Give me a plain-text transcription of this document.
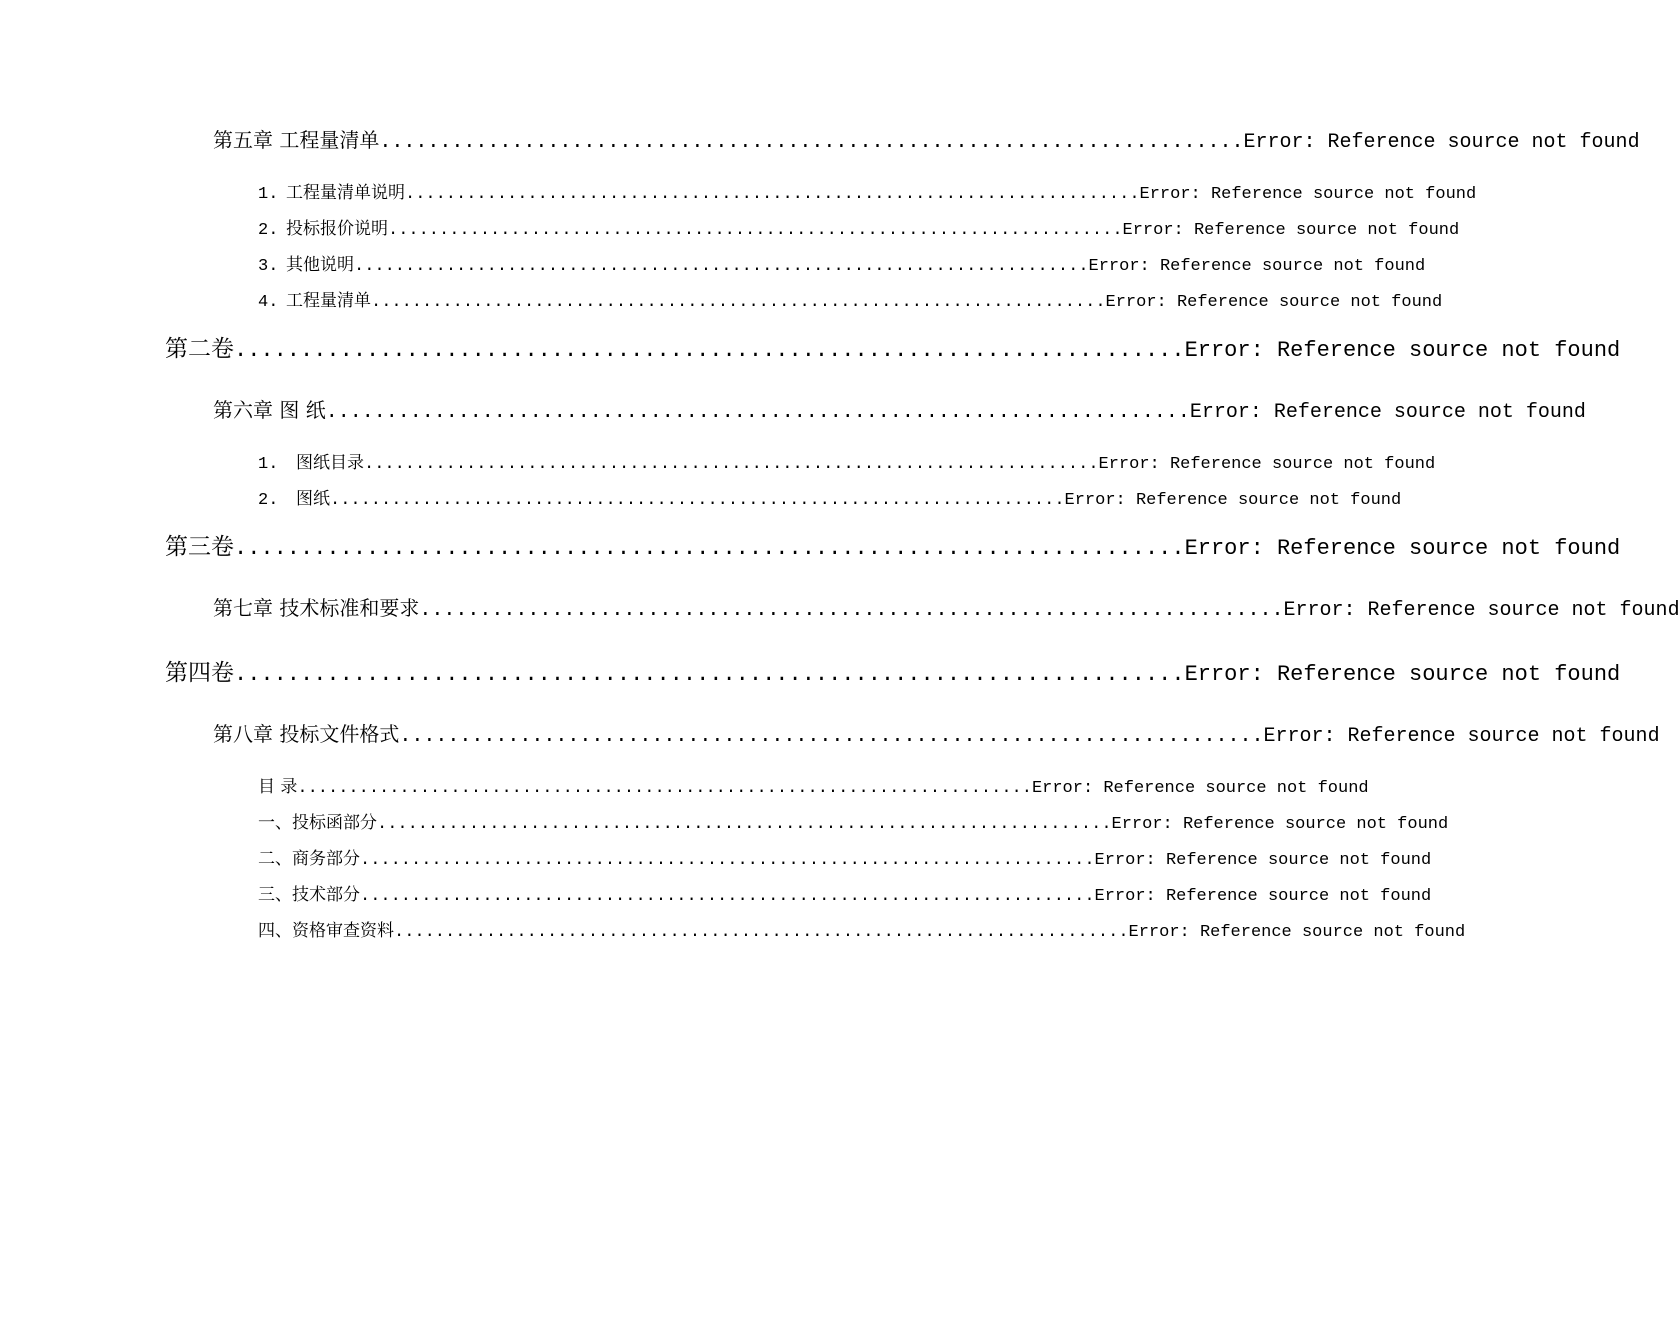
第五章 工程量清单 ........................................................................ Error: Reference source not found
1. 工程量清单说明 ........................................................................ Error: Reference source not found
2. 投标报价说明 ........................................................................ Error: Reference source not found
3. 其他说明 ........................................................................ Error: Reference source not found
4. 工程量清单 ........................................................................ Error: Reference source not found
第二卷 ........................................................................ Error: Reference source not found
第六章 图 纸 ........................................................................ Error: Reference source not found
1.	图纸目录 ........................................................................ Error: Reference source not found
2.	图纸 ........................................................................ Error: Reference source not found
第三卷 ........................................................................ Error: Reference source not found
第七章 技术标准和要求 ........................................................................ Error: Reference source not found
第四卷 ........................................................................ Error: Reference source not found
第八章 投标文件格式 ........................................................................ Error: Reference source not found
目 录 ........................................................................ Error: Reference source not found
一、投标函部分 ........................................................................ Error: Reference source not found
二、商务部分 ........................................................................ Error: Reference source not found
三、技术部分 ........................................................................ Error: Reference source not found
四、资格审查资料 ........................................................................ Error: Reference source not found
